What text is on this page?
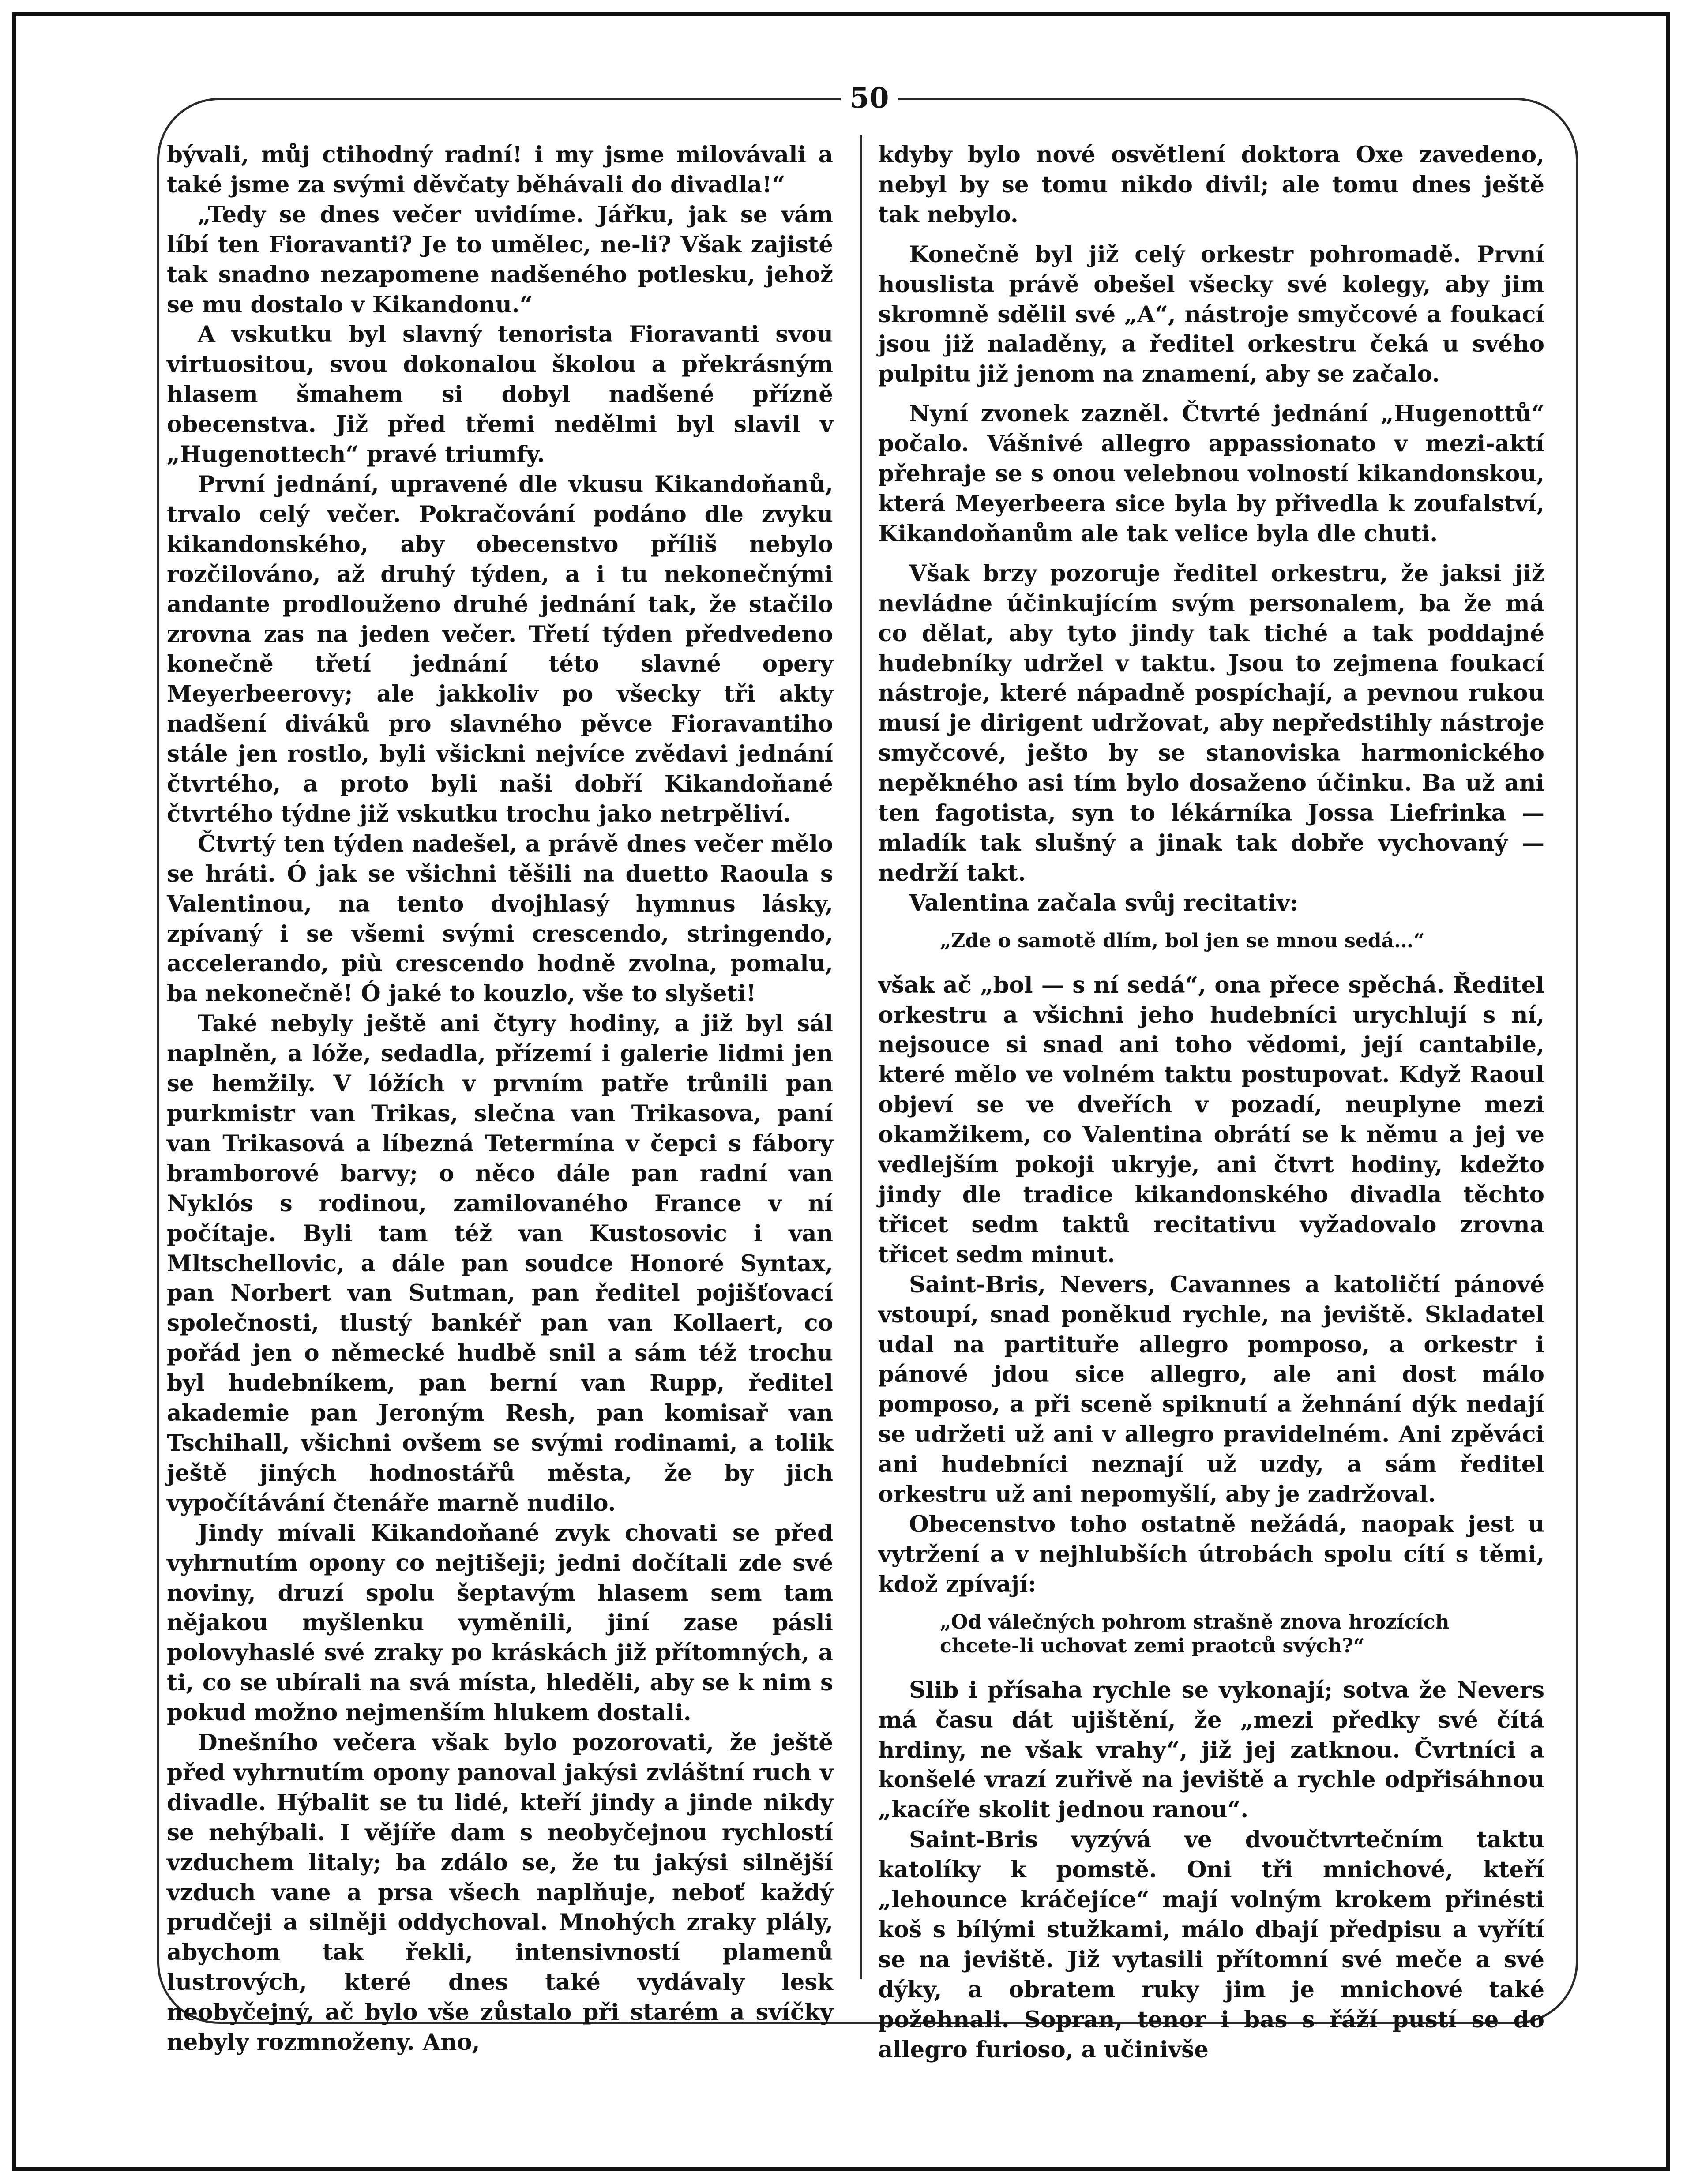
50

bývali, můj ctihodný radní! i my jsme milovávali a také jsme za svými děvčaty běhávali do divadla!“

„Tedy se dnes večer uvidíme. Jářku, jak se vám líbí ten Fioravanti? Je to umělec, ne-li? Však zajisté tak snadno nezapomene nadšeného potlesku, jehož se mu dostalo v Kikandonu.“

A vskutku byl slavný tenorista Fioravanti svou virtuositou, svou dokonalou školou a překrásným hlasem šmahem si dobyl nadšené přízně obecenstva. Již před třemi nedělmi byl slavil v „Hugenottech“ pravé triumfy.

První jednání, upravené dle vkusu Kikandoňanů, trvalo celý večer. Pokračování podáno dle zvyku kikandonského, aby obecenstvo příliš nebylo rozčilováno, až druhý týden, a i tu nekonečnými andante prodlouženo druhé jednání tak, že stačilo zrovna zas na jeden večer. Třetí týden předvedeno konečně třetí jednání této slavné opery Meyerbeerovy; ale jakkoliv po všecky tři akty nadšení diváků pro slavného pěvce Fioravantiho stále jen rostlo, byli všickni nejvíce zvědavi jednání čtvrtého, a proto byli naši dobří Kikandoňané čtvrtého týdne již vskutku trochu jako netrpěliví.

Čtvrtý ten týden nadešel, a právě dnes večer mělo se hráti. Ó jak se všichni těšili na duetto Raoula s Valentinou, na tento dvojhlasý hymnus lásky, zpívaný i se všemi svými crescendo, stringendo, accelerando, più crescendo hodně zvolna, pomalu, ba nekonečně! Ó jaké to kouzlo, vše to slyšeti!

Také nebyly ještě ani čtyry hodiny, a již byl sál naplněn, a lóže, sedadla, přízemí i galerie lidmi jen se hemžily. V lóžích v prvním patře trůnili pan purkmistr van Trikas, slečna van Trikasova, paní van Trikasová a líbezná Tetermína v čepci s fábory bramborové barvy; o něco dále pan radní van Nyklós s rodinou, zamilovaného France v ní počítaje. Byli tam též van Kustosovic i van Mltschellovic, a dále pan soudce Honoré Syntax, pan Norbert van Sutman, pan ředitel pojišťovací společnosti, tlustý bankéř pan van Kollaert, co pořád jen o německé hudbě snil a sám též trochu byl hudebníkem, pan berní van Rupp, ředitel akademie pan Jeroným Resh, pan komisař van Tschihall, všichni ovšem se svými rodinami, a tolik ještě jiných hodnostářů města, že by jich vypočítávání čtenáře marně nudilo.

Jindy mívali Kikandoňané zvyk chovati se před vyhrnutím opony co nejtišeji; jedni dočítali zde své noviny, druzí spolu šeptavým hlasem sem tam nějakou myšlenku vyměnili, jiní zase pásli polovyhaslé své zraky po kráskách již přítomných, a ti, co se ubírali na svá místa, hleděli, aby se k nim s pokud možno nejmenším hlukem dostali.

Dnešního večera však bylo pozorovati, že ještě před vyhrnutím opony panoval jakýsi zvláštní ruch v divadle. Hýbalit se tu lidé, kteří jindy a jinde nikdy se nehýbali. I vějíře dam s neobyčejnou rychlostí vzduchem litaly; ba zdálo se, že tu jakýsi silnější vzduch vane a prsa všech naplňuje, neboť každý prudčeji a silněji oddychoval. Mnohých zraky plály, abychom tak řekli, intensivností plamenů lustrových, které dnes také vydávaly lesk neobyčejný, ač bylo vše zůstalo při starém a svíčky nebyly rozmnoženy. Ano,

kdyby bylo nové osvětlení doktora Oxe zavedeno, nebyl by se tomu nikdo divil; ale tomu dnes ještě tak nebylo.

Konečně byl již celý orkestr pohromadě. První houslista právě obešel všecky své kolegy, aby jim skromně sdělil své „A“, nástroje smyčcové a foukací jsou již naladěny, a ředitel orkestru čeká u svého pulpitu již jenom na znamení, aby se začalo.

Nyní zvonek zazněl. Čtvrté jednání „Hugenottů“ počalo. Vášnivé allegro appassionato v mezi-aktí přehraje se s onou velebnou volností kikandonskou, která Meyerbeera sice byla by přivedla k zoufalství, Kikandoňanům ale tak velice byla dle chuti.

Však brzy pozoruje ředitel orkestru, že jaksi již nevládne účinkujícím svým personalem, ba že má co dělat, aby tyto jindy tak tiché a tak poddajné hudebníky udržel v taktu. Jsou to zejmena foukací nástroje, které nápadně pospíchají, a pevnou rukou musí je dirigent udržovat, aby nepředstihly nástroje smyčcové, ješto by se stanoviska harmonického nepěkného asi tím bylo dosaženo účinku. Ba už ani ten fagotista, syn to lékárníka Jossa Liefrinka — mladík tak slušný a jinak tak dobře vychovaný — nedrží takt.

Valentina začala svůj recitativ:

„Zde o samotě dlím, bol jen se mnou sedá…“

však ač „bol — s ní sedá“, ona přece spěchá. Ředitel orkestru a všichni jeho hudebníci urychlují s ní, nejsouce si snad ani toho vědomi, její cantabile, které mělo ve volném taktu postupovat. Když Raoul objeví se ve dveřích v pozadí, neuplyne mezi okamžikem, co Valentina obrátí se k němu a jej ve vedlejším pokoji ukryje, ani čtvrt hodiny, kdežto jindy dle tradice kikandonského divadla těchto třicet sedm taktů recitativu vyžadovalo zrovna třicet sedm minut.

Saint-Bris, Nevers, Cavannes a katoličtí pánové vstoupí, snad poněkud rychle, na jeviště. Skladatel udal na partituře allegro pomposo, a orkestr i pánové jdou sice allegro, ale ani dost málo pomposo, a při sceně spiknutí a žehnání dýk nedají se udržeti už ani v allegro pravidelném. Ani zpěváci ani hudebníci neznají už uzdy, a sám ředitel orkestru už ani nepomyšlí, aby je zadržoval.

Obecenstvo toho ostatně nežádá, naopak jest u vytržení a v nejhlubších útrobách spolu cítí s těmi, kdož zpívají:

„Od válečných pohrom strašně znova hrozících
chcete-li uchovat zemi praotců svých?“

Slib i přísaha rychle se vykonají; sotva že Nevers má času dát ujištění, že „mezi předky své čítá hrdiny, ne však vrahy“, již jej zatknou. Čvrtníci a konšelé vrazí zuřivě na jeviště a rychle odpřisáhnou „kacíře skolit jednou ranou“.

Saint-Bris vyzývá ve dvoučtvrtečním taktu katolíky k pomstě. Oni tři mnichové, kteří „lehounce kráčejíce“ mají volným krokem přinésti koš s bílými stužkami, málo dbají předpisu a vyřítí se na jeviště. Již vytasili přítomní své meče a své dýky, a obratem ruky jim je mnichové také požehnali. Sopran, tenor i bas s řáží pustí se do allegro furioso, a učinivše
